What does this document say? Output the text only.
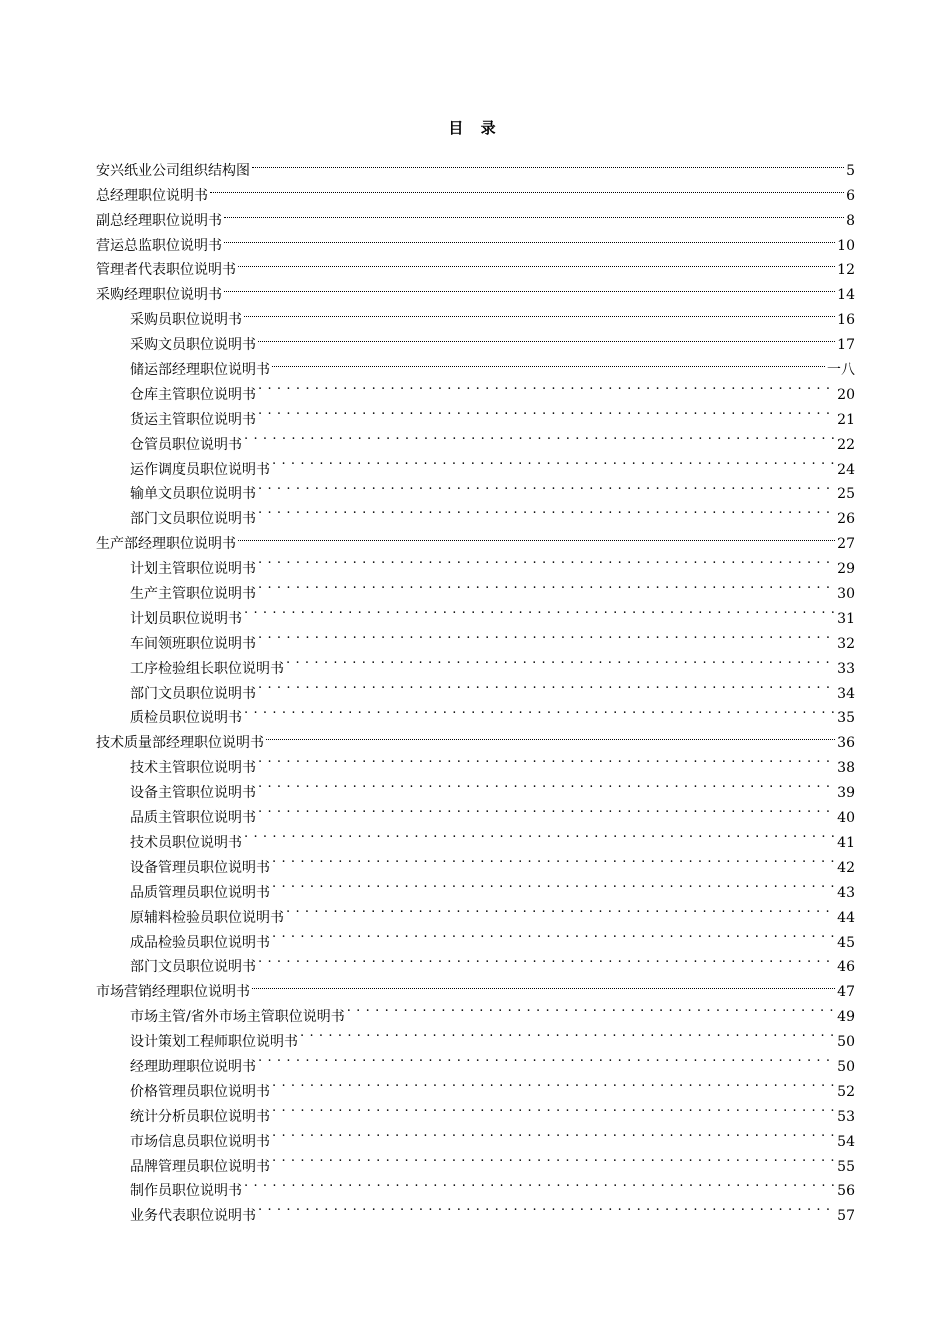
目 录
安兴纸业公司组织结构图	5
总经理职位说明书	6
副总经理职位说明书	8
营运总监职位说明书	10
管理者代表职位说明书	12
采购经理职位说明书	14
采购员职位说明书	16
采购文员职位说明书	17
储运部经理职位说明书	一八
仓库主管职位说明书 . . .	20
货运主管职位说明书 . . .	21
仓管员职位说明书 . . .	22
运作调度员职位说明书 . . .	24
输单文员职位说明书 . . .	25
部门文员职位说明书 . . .	26
生产部经理职位说明书	27
计划主管职位说明书 . . .	29
生产主管职位说明书 . . .	30
计划员职位说明书 . . .	31
车间领班职位说明书 . . .	32
工序检验组长职位说明书 . . .	33
部门文员职位说明书 . . .	34
质检员职位说明书 . . .	35
技术质量部经理职位说明书	36
技术主管职位说明书 . . .	38
设备主管职位说明书 . . .	39
品质主管职位说明书 . . .	40
技术员职位说明书 . . .	41
设备管理员职位说明书 . . .	42
品质管理员职位说明书 . . .	43
原辅料检验员职位说明书 . . .	44
成品检验员职位说明书 . . .	45
部门文员职位说明书 . . .	46
市场营销经理职位说明书	47
市场主管/省外市场主管职位说明书 . . .	49
设计策划工程师职位说明书 . . .	50
经理助理职位说明书 . . .	50
价格管理员职位说明书 . . .	52
统计分析员职位说明书 . . .	53
市场信息员职位说明书 . . .	54
品牌管理员职位说明书 . . .	55
制作员职位说明书 . . .	56
业务代表职位说明书 . . .	57
